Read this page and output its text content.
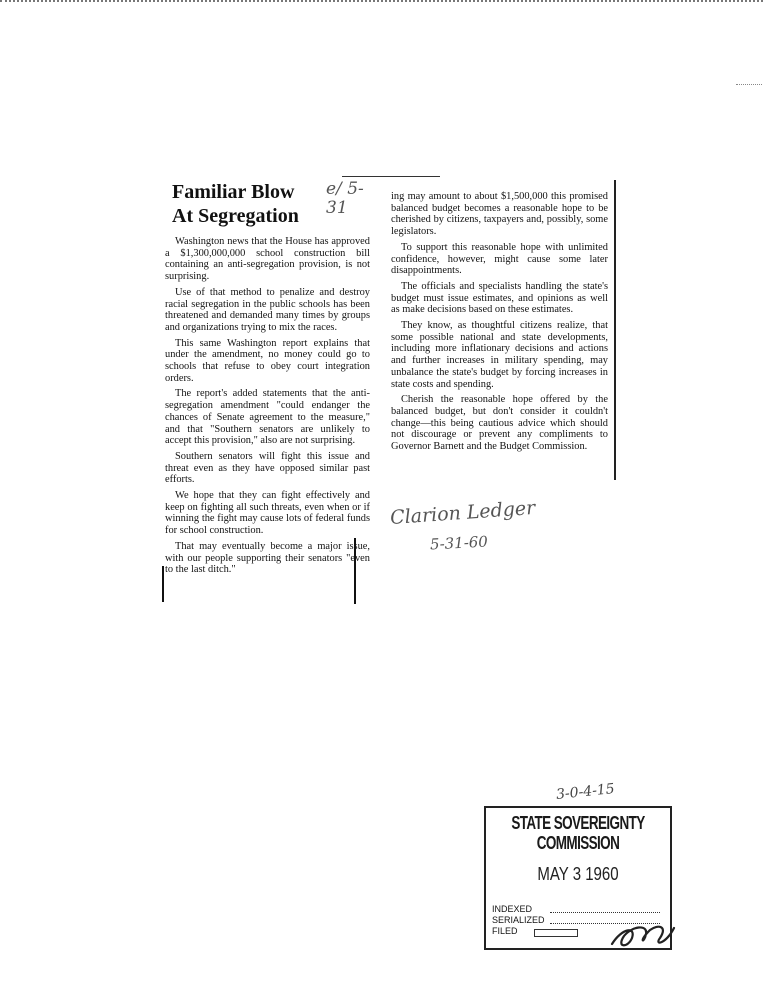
Familiar Blow
At Segregation
e/ 5-31

Washington news that the House has approved a $1,300,000,000 school construction bill containing an anti-segregation provision, is not surprising.

Use of that method to penalize and destroy racial segregation in the public schools has been threatened and demanded many times by groups and organizations trying to mix the races.

This same Washington report explains that under the amendment, no money could go to schools that refuse to obey court integration orders.

The report's added statements that the anti-segregation amendment "could endanger the chances of Senate agreement to the measure," and that "Southern senators are unlikely to accept this provision," also are not surprising.

Southern senators will fight this issue and threat even as they have opposed similar past efforts.

We hope that they can fight effectively and keep on fighting all such threats, even when or if winning the fight may cause lots of federal funds for school construction.

That may eventually become a major issue, with our people supporting their senators "even to the last ditch."

ing may amount to about $1,500,000 this promised balanced budget becomes a reasonable hope to be cherished by citizens, taxpayers and, possibly, some legislators.

To support this reasonable hope with unlimited confidence, however, might cause some later disappointments.

The officials and specialists handling the state's budget must issue estimates, and opinions as well as make decisions based on these estimates.

They know, as thoughtful citizens realize, that some possible national and state developments, including more inflationary decisions and actions and further increases in military spending, may unbalance the state's budget by forcing increases in state costs and spending.

Cherish the reasonable hope offered by the balanced budget, but don't consider it couldn't change—this being cautious advice which should not discourage or prevent any compliments to Governor Barnett and the Budget Commission.

Clarion Ledger
5-31-60
3-0-4-15
STATE SOVEREIGNTY COMMISSION
MAY 3 1960
INDEXED
SERIALIZED
FILED
